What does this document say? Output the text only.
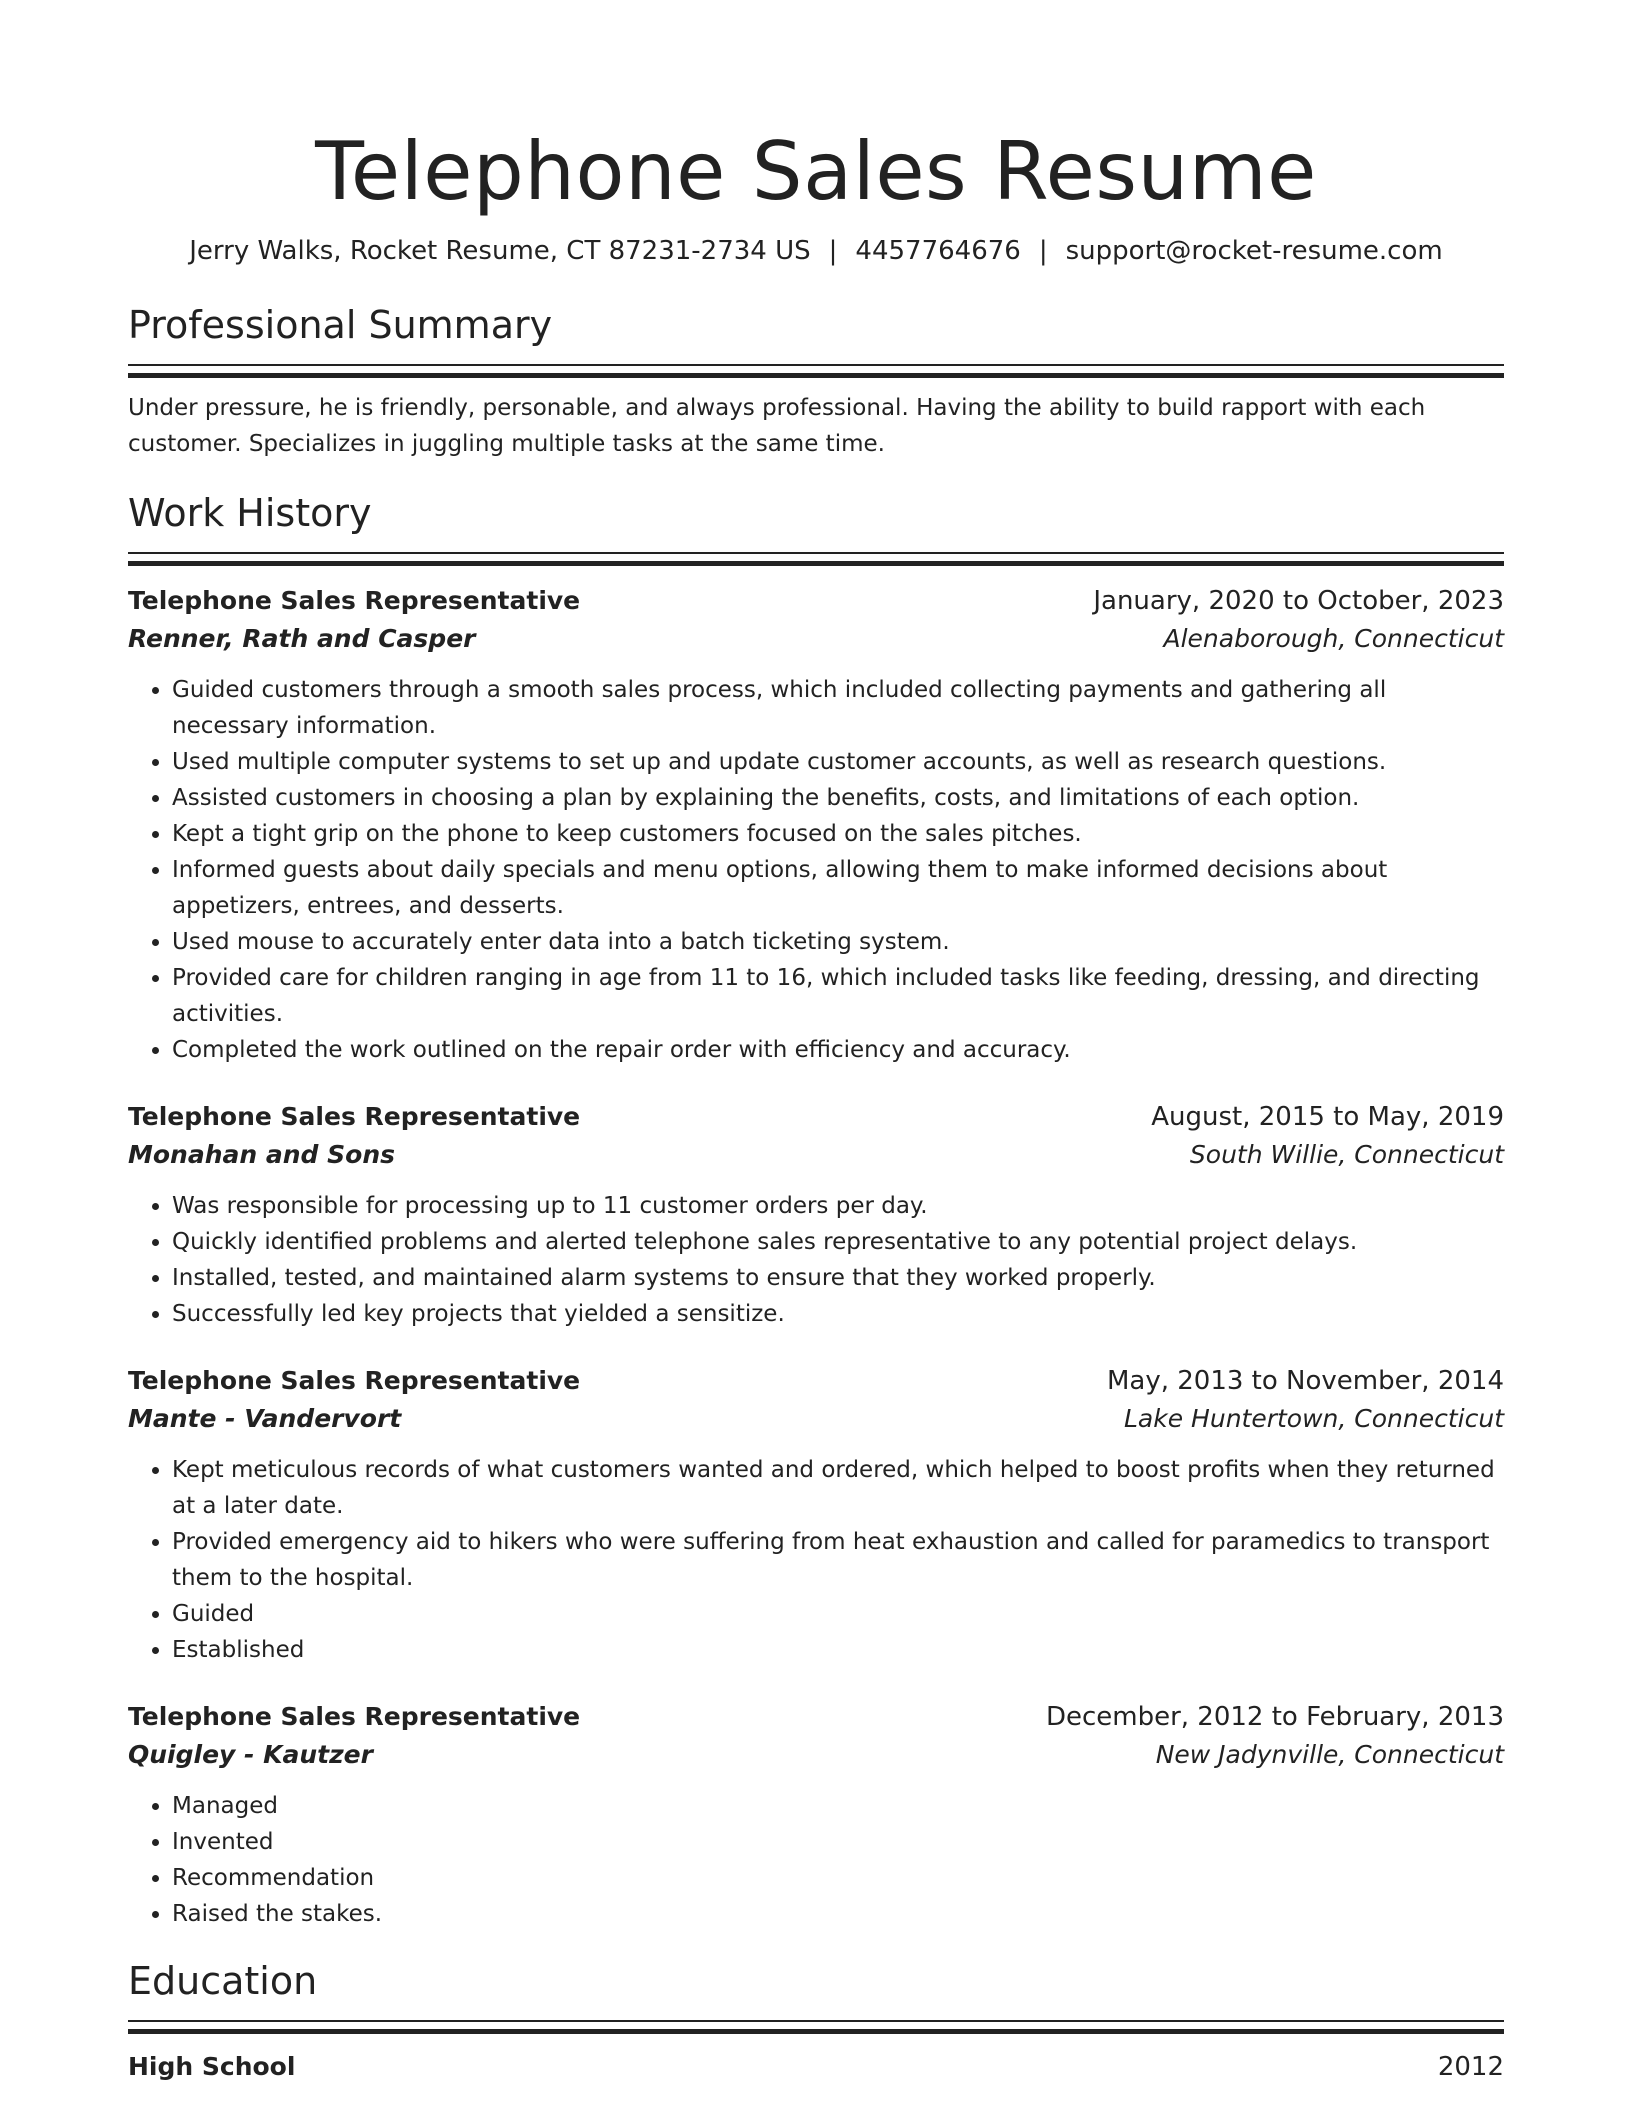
Telephone Sales Resume
Jerry Walks, Rocket Resume, CT 87231-2734 US | 4457764676 | support@rocket-resume.com
Professional Summary

Under pressure, he is friendly, personable, and always professional. Having the ability to build rapport with each customer. Specializes in juggling multiple tasks at the same time.

Work History
Telephone Sales Representative	January, 2020 to October, 2023
Renner, Rath and Casper	Alenaborough, Connecticut
• Guided customers through a smooth sales process, which included collecting payments and gathering all necessary information.
• Used multiple computer systems to set up and update customer accounts, as well as research questions.
• Assisted customers in choosing a plan by explaining the benefits, costs, and limitations of each option.
• Kept a tight grip on the phone to keep customers focused on the sales pitches.
• Informed guests about daily specials and menu options, allowing them to make informed decisions about appetizers, entrees, and desserts.
• Used mouse to accurately enter data into a batch ticketing system.
• Provided care for children ranging in age from 11 to 16, which included tasks like feeding, dressing, and directing activities.
• Completed the work outlined on the repair order with efficiency and accuracy.
Telephone Sales Representative	August, 2015 to May, 2019
Monahan and Sons	South Willie, Connecticut
• Was responsible for processing up to 11 customer orders per day.
• Quickly identified problems and alerted telephone sales representative to any potential project delays.
• Installed, tested, and maintained alarm systems to ensure that they worked properly.
• Successfully led key projects that yielded a sensitize.
Telephone Sales Representative	May, 2013 to November, 2014
Mante - Vandervort	Lake Huntertown, Connecticut
• Kept meticulous records of what customers wanted and ordered, which helped to boost profits when they returned at a later date.
• Provided emergency aid to hikers who were suffering from heat exhaustion and called for paramedics to transport them to the hospital.
• Guided
• Established
Telephone Sales Representative	December, 2012 to February, 2013
Quigley - Kautzer	New Jadynville, Connecticut
• Managed
• Invented
• Recommendation
• Raised the stakes.
Education
High School	2012
